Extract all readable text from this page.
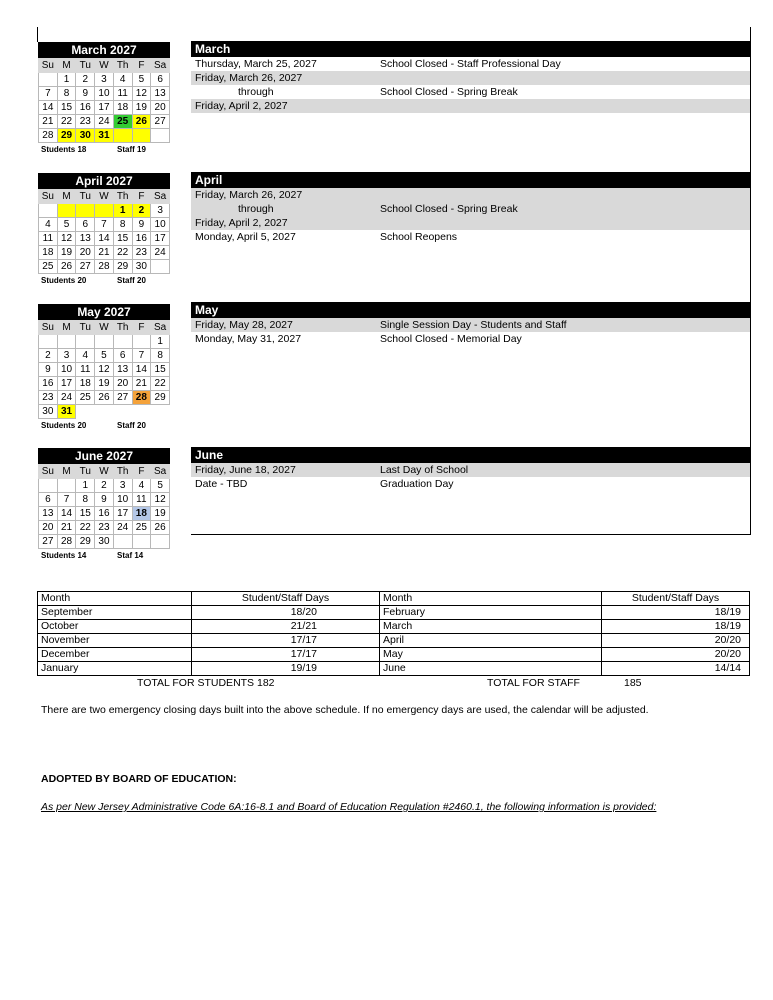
March 2027
Su	M	Tu	W	Th	F	Sa
	1	2	3	4	5	6
7	8	9	10	11	12	13
14	15	16	17	18	19	20
21	22	23	24	25	26	27
28	29	30	31			
Students 18	Staff 19
March
Thursday, March 25, 2027	School Closed - Staff Professional Day
Friday, March 26, 2027
through	School Closed - Spring Break
Friday, April 2, 2027
April 2027
Su	M	Tu	W	Th	F	Sa
				1	2	3
4	5	6	7	8	9	10
11	12	13	14	15	16	17
18	19	20	21	22	23	24
25	26	27	28	29	30	
Students 20	Staff 20
April
Friday, March 26, 2027
through	School Closed - Spring Break
Friday, April 2, 2027
Monday, April 5, 2027	School Reopens
May 2027
Su	M	Tu	W	Th	F	Sa
						1
2	3	4	5	6	7	8
9	10	11	12	13	14	15
16	17	18	19	20	21	22
23	24	25	26	27	28	29
30	31					
Students 20	Staff 20
May
Friday, May 28, 2027	Single Session Day - Students and Staff
Monday, May 31, 2027	School Closed - Memorial Day
June 2027
Su	M	Tu	W	Th	F	Sa
		1	2	3	4	5
6	7	8	9	10	11	12
13	14	15	16	17	18	19
20	21	22	23	24	25	26
27	28	29	30			
Students 14	Staf 14
June
Friday, June 18, 2027	Last Day of School
Date - TBD	Graduation Day
Month	Student/Staff Days	Month	Student/Staff Days
September	18/20	February	18/19
October	21/21	March	18/19
November	17/17	April	20/20
December	17/17	May	20/20
January	19/19	June	14/14
TOTAL FOR STUDENTS 182	TOTAL FOR STAFF	185
There are two emergency closing days built into the above schedule. If no emergency days are used, the calendar will be adjusted.
ADOPTED BY BOARD OF EDUCATION:
As per New Jersey Administrative Code 6A:16-8.1 and Board of Education Regulation #2460.1, the following information is provided:
